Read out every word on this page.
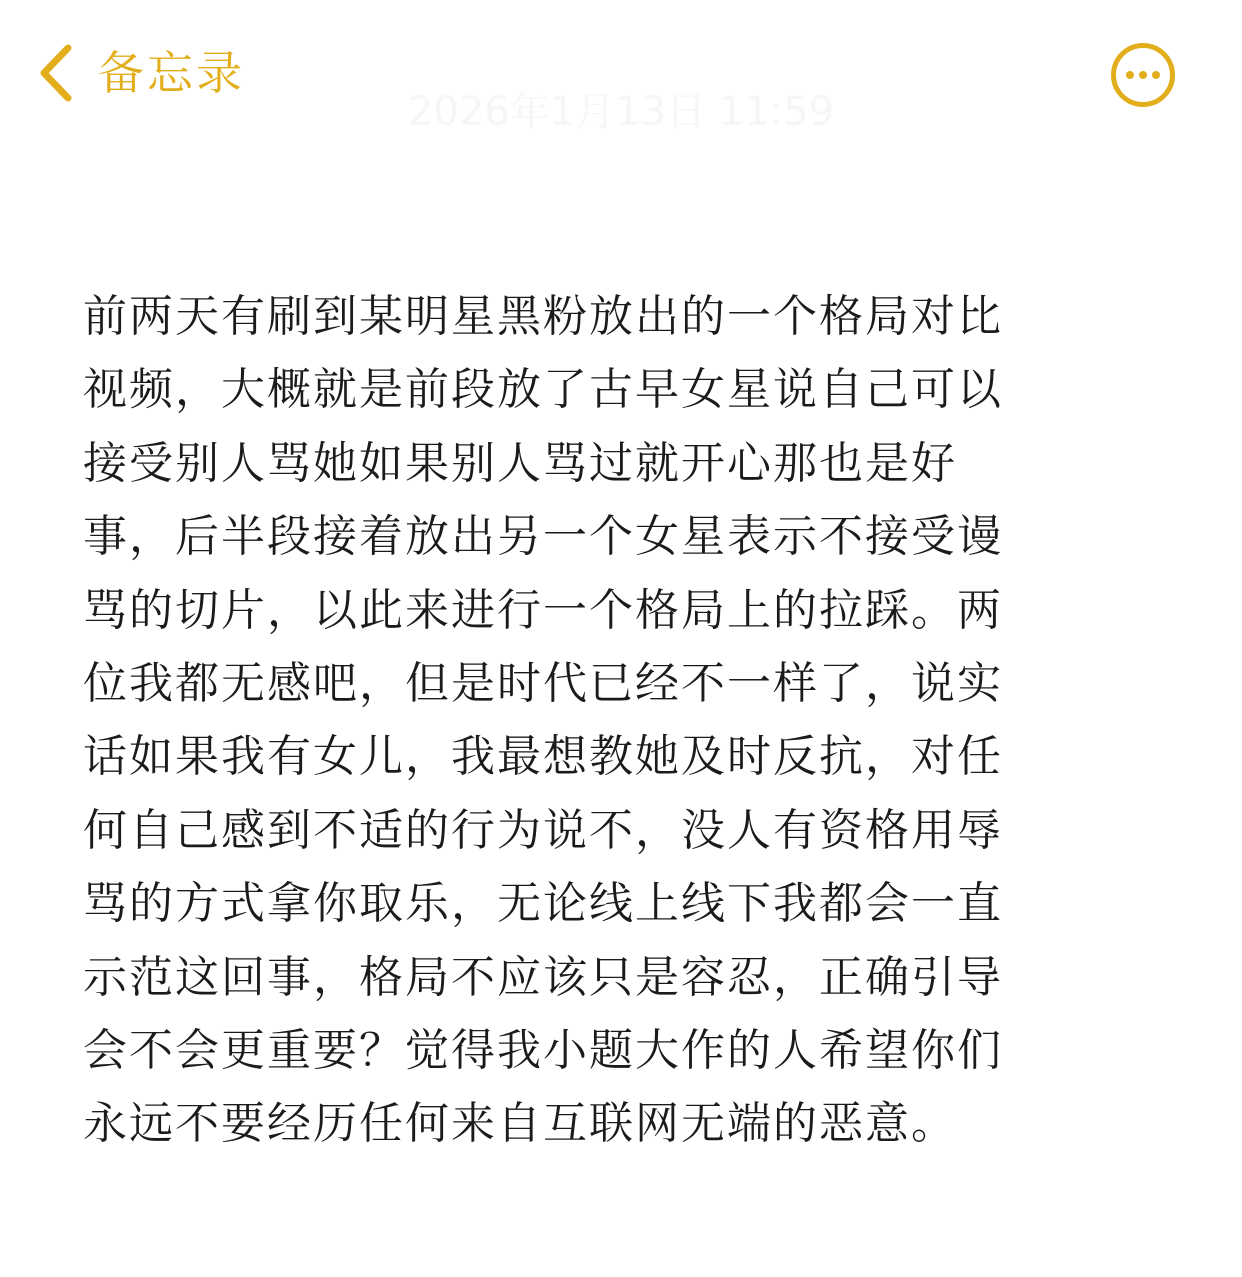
备忘录
2026年1月13日 11:59
前两天有刷到某明星黑粉放出的一个格局对比
视频，大概就是前段放了古早女星说自己可以
接受别人骂她如果别人骂过就开心那也是好
事，后半段接着放出另一个女星表示不接受谩
骂的切片，以此来进行一个格局上的拉踩。两
位我都无感吧，但是时代已经不一样了，说实
话如果我有女儿，我最想教她及时反抗，对任
何自己感到不适的行为说不，没人有资格用辱
骂的方式拿你取乐，无论线上线下我都会一直
示范这回事，格局不应该只是容忍，正确引导
会不会更重要？觉得我小题大作的人希望你们
永远不要经历任何来自互联网无端的恶意。
